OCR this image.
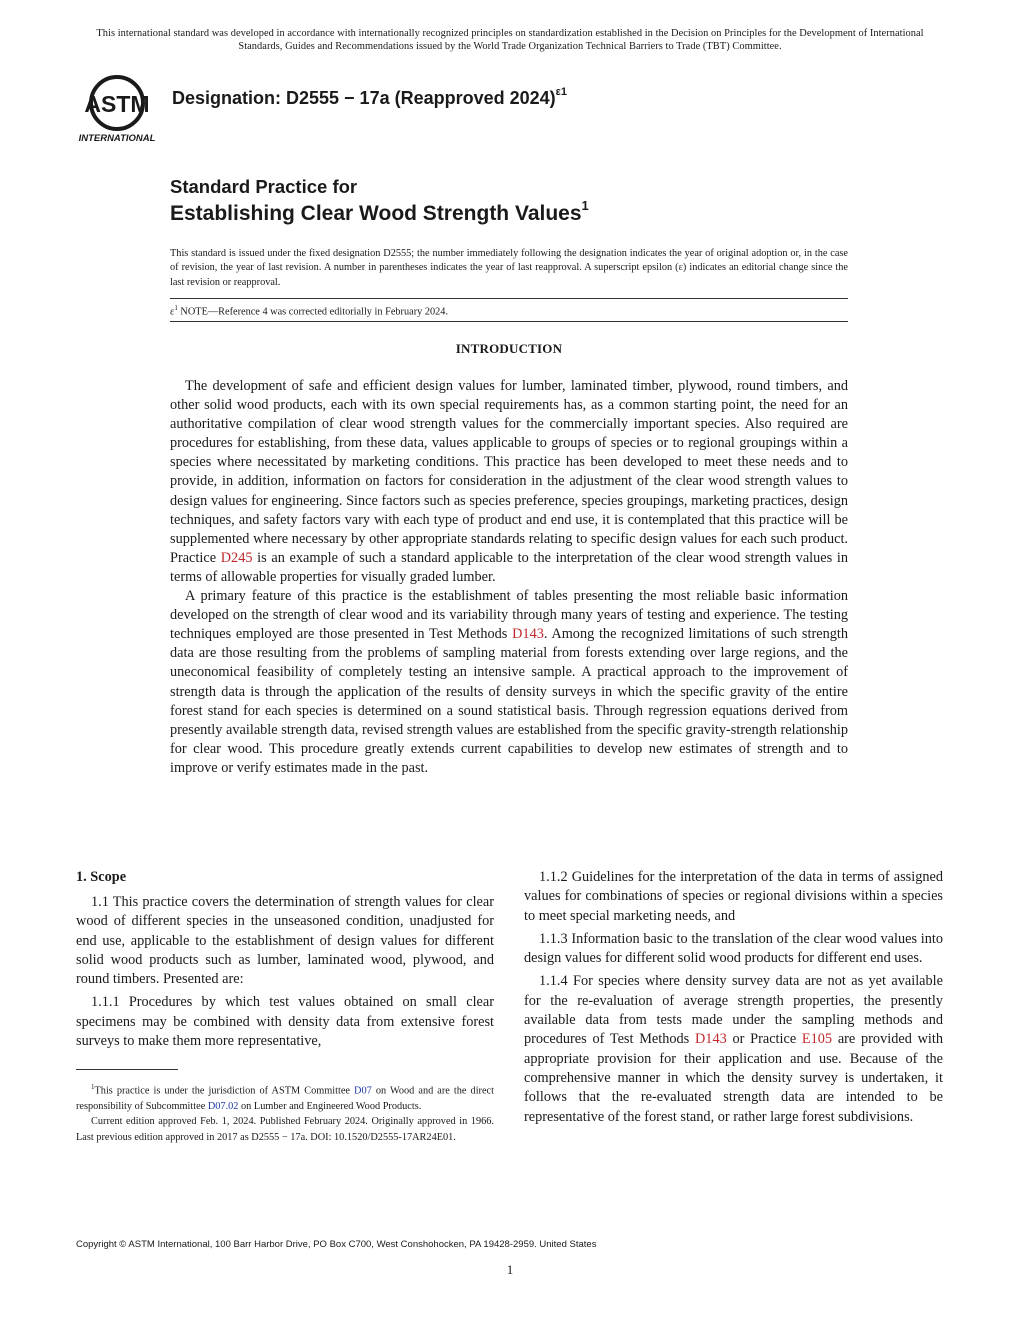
This international standard was developed in accordance with internationally recognized principles on standardization established in the Decision on Principles for the Development of International Standards, Guides and Recommendations issued by the World Trade Organization Technical Barriers to Trade (TBT) Committee.
ASTM
INTERNATIONAL
Designation: D2555 − 17a (Reapproved 2024)$^{\varepsilon 1}$
Standard Practice for
Establishing Clear Wood Strength Values$^1$
This standard is issued under the fixed designation D2555; the number immediately following the designation indicates the year of original adoption or, in the case of revision, the year of last revision. A number in parentheses indicates the year of last reapproval. A superscript epsilon (ε) indicates an editorial change since the last revision or reapproval.
$\varepsilon^1$ NOTE—Reference 4 was corrected editorially in February 2024.
INTRODUCTION

The development of safe and efficient design values for lumber, laminated timber, plywood, round timbers, and other solid wood products, each with its own special requirements has, as a common starting point, the need for an authoritative compilation of clear wood strength values for the commercially important species. Also required are procedures for establishing, from these data, values applicable to groups of species or to regional groupings within a species where necessitated by marketing conditions. This practice has been developed to meet these needs and to provide, in addition, information on factors for consideration in the adjustment of the clear wood strength values to design values for engineering. Since factors such as species preference, species groupings, marketing practices, design techniques, and safety factors vary with each type of product and end use, it is contemplated that this practice will be supplemented where necessary by other appropriate standards relating to specific design values for each such product. Practice D245 is an example of such a standard applicable to the interpretation of the clear wood strength values in terms of allowable properties for visually graded lumber.

A primary feature of this practice is the establishment of tables presenting the most reliable basic information developed on the strength of clear wood and its variability through many years of testing and experience. The testing techniques employed are those presented in Test Methods D143. Among the recognized limitations of such strength data are those resulting from the problems of sampling material from forests extending over large regions, and the uneconomical feasibility of completely testing an intensive sample. A practical approach to the improvement of strength data is through the application of the results of density surveys in which the specific gravity of the entire forest stand for each species is determined on a sound statistical basis. Through regression equations derived from presently available strength data, revised strength values are established from the specific gravity-strength relationship for clear wood. This procedure greatly extends current capabilities to develop new estimates of strength and to improve or verify estimates made in the past.

1. Scope

1.1 This practice covers the determination of strength values for clear wood of different species in the unseasoned condition, unadjusted for end use, applicable to the establishment of design values for different solid wood products such as lumber, laminated wood, plywood, and round timbers. Presented are:

1.1.1 Procedures by which test values obtained on small clear specimens may be combined with density data from extensive forest surveys to make them more representative,

1.1.2 Guidelines for the interpretation of the data in terms of assigned values for combinations of species or regional divisions within a species to meet special marketing needs, and

1.1.3 Information basic to the translation of the clear wood values into design values for different solid wood products for different end uses.

1.1.4 For species where density survey data are not as yet available for the re-evaluation of average strength properties, the presently available data from tests made under the sampling methods and procedures of Test Methods D143 or Practice E105 are provided with appropriate provision for their application and use. Because of the comprehensive manner in which the density survey is undertaken, it follows that the re-evaluated strength data are intended to be representative of the forest stand, or rather large forest subdivisions.

$^1$This practice is under the jurisdiction of ASTM Committee D07 on Wood and are the direct responsibility of Subcommittee D07.02 on Lumber and Engineered Wood Products.

Current edition approved Feb. 1, 2024. Published February 2024. Originally approved in 1966. Last previous edition approved in 2017 as D2555 − 17a. DOI: 10.1520/D2555-17AR24E01.

Copyright © ASTM International, 100 Barr Harbor Drive, PO Box C700, West Conshohocken, PA 19428-2959. United States
1
